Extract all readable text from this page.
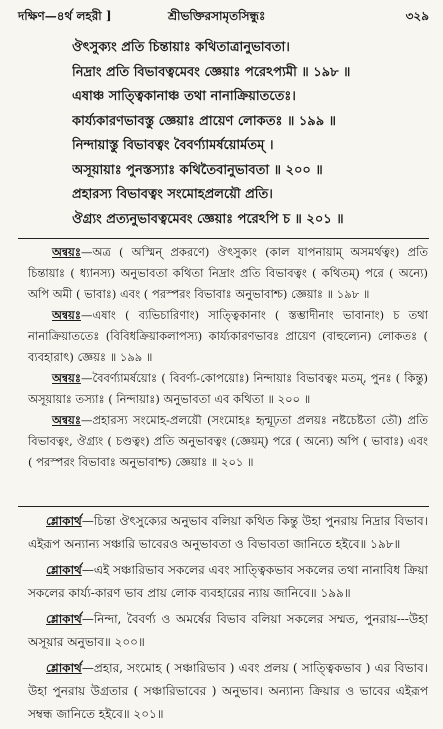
দক্ষিণ—৪র্থ লহরী ]	শ্রীভক্তিরসামৃতসিন্ধুঃ	৩২৯
ঔৎসুক্যং প্রতি চিন্তায়াঃ কথিতাত্রানুভাবতা।
নিদ্রাং প্রতি বিভাবত্বমেবং জ্ঞেয়াঃ পরেঽপ্যমী ॥ ১৯৮ ॥
এষাঞ্চ সাত্ত্বিকানাঞ্চ তথা নানাক্রিয়াততেঃ।
কার্য্যকারণভাবস্তু জ্ঞেয়াঃ প্রায়েণ লোকতঃ ॥ ১৯৯ ॥
নিন্দায়াস্তু বিভাবত্বং বৈবর্ণ্যামর্ষয়োর্মতম্ ।
অসূয়ায়াঃ পুনস্তস্যাঃ কথিতৈবানুভাবতা ॥ ২০০ ॥
প্রহারস্য বিভাবত্বং সংমোহপ্রলয়ৌ প্রতি।
ঔগ্র্যং প্রত্যনুভাবত্বমেবং জ্ঞেয়াঃ পরেঽপি চ ॥ ২০১ ॥

অন্বয়ঃ—অত্র ( অস্মিন্ প্রকরণে) ঔৎসুক্যং (কাল যাপনায়াম্ অসমর্থত্বং) প্রতি চিন্তায়াঃ ( ধ্যানস্য) অনুভাবতা কথিতা নিদ্রাং প্রতি বিভাবত্বং ( কথিতম্) পরে ( অন্যে) অপি অমী ( ভাবাঃ) এবং ( পরস্পরং বিভাবাঃ অনুভাবাশ্চ) জ্ঞেয়াঃ ॥ ১৯৮ ॥

অন্বয়ঃ—এষাং ( ব্যভিচারিণাং) সাত্ত্বিকানাং ( স্তম্ভাদীনাং ভাবানাং) চ তথা নানাক্রিয়াততেঃ (বিবিধক্রিয়াকলাপস্য) কার্য্যকারণভাবঃ প্রায়েণ (বাহুল্যেন) লোকতঃ ( ব্যবহারাৎ) জ্ঞেয়ঃ ॥ ১৯৯ ॥

অন্বয়ঃ—বৈবর্ণ্যামর্ষয়োঃ ( বিবর্ণ্য-কোপয়োঃ) নিন্দায়াঃ বিভাবত্বং মতম্, পুনঃ ( কিন্তু) অসূয়ায়াঃ তস্যাঃ ( নিন্দায়াঃ) অনুভাবতা এব কথিতা ॥ ২০০ ॥

অন্বয়ঃ—প্রহারস্য সংমোহ-প্রলয়ৌ (সংমোহঃ হৃন্মূঢ়তা প্রলয়ঃ নষ্টচেষ্টতা তৌ) প্রতি বিভাবত্বং, ঔগ্র্যং ( চণ্ডত্বং) প্রতি অনুভাবত্বং (জ্ঞেয়ম্) পরে ( অন্যে) অপি ( ভাবাঃ) এবং ( পরস্পরং বিভাবাঃ অনুভাবাশ্চ) জ্ঞেয়াঃ ॥ ২০১ ॥

শ্লোকার্থ—চিন্তা ঔৎসুক্যের অনুভাব বলিয়া কথিত কিন্তু উহা পুনরায় নিদ্রার বিভাব। এইরূপ অন্যান্য সঞ্চারি ভাবেরও অনুভাবতা ও বিভাবতা জানিতে হইবে॥ ১৯৮॥

শ্লোকার্থ—এই সঞ্চারিভাব সকলের এবং সাত্ত্বিকভাব সকলের তথা নানাবিধ ক্রিয়া সকলের কার্য্য-কারণ ভাব প্রায় লোক ব্যবহারের ন্যায় জানিবে॥ ১৯৯॥

শ্লোকার্থ—নিন্দা, বৈবর্ণ্য ও অমর্ষের বিভাব বলিয়া সকলের সম্মত, পুনরায়---উহা অসূয়ার অনুভাব॥ ২০০॥

শ্লোকার্থ—প্রহার, সংমোহ ( সঞ্চারিভাব ) এবং প্রলয় ( সাত্ত্বিকভাব ) এর বিভাব। উহা পুনরায় উগ্রতার ( সঞ্চারিভাবের ) অনুভাব। অন্যান্য ক্রিয়ার ও ভাবের এইরূপ সম্বন্ধ জানিতে হইবে॥ ২০১॥
